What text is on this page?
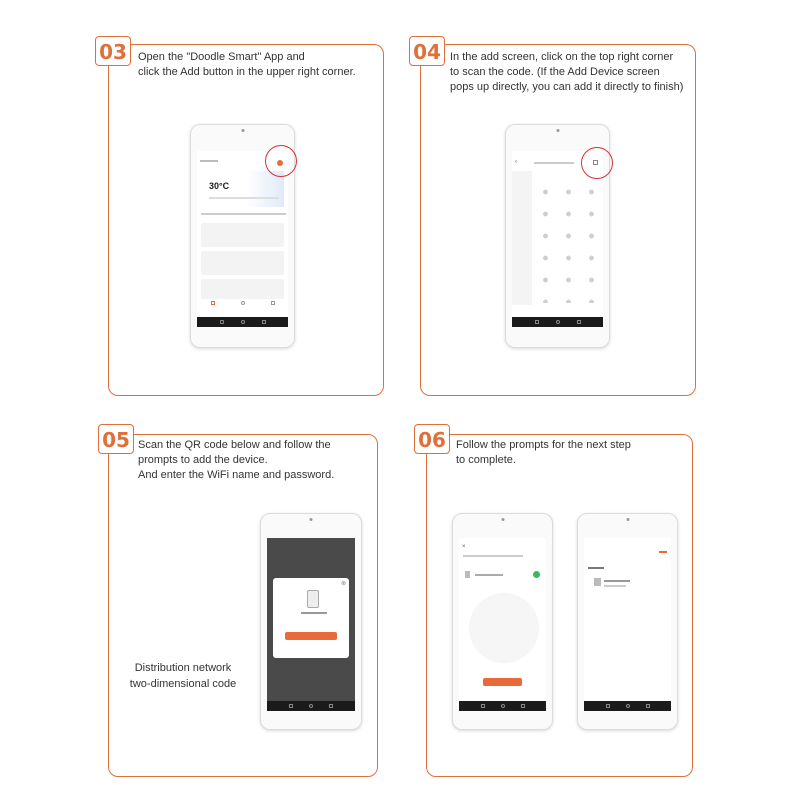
03	Open the "Doodle Smart" App and
click the Add button in the upper right corner.
30°C
04 In the add screen, click on the top right corner
to scan the code. (If the Add Device screen
pops up directly, you can add it directly to finish)
‹
05 Scan the QR code below and follow the
prompts to add the device.
And enter the WiFi name and password.
⊗
Distribution network
two-dimensional code
06 Follow the prompts for the next step
to complete.
×
